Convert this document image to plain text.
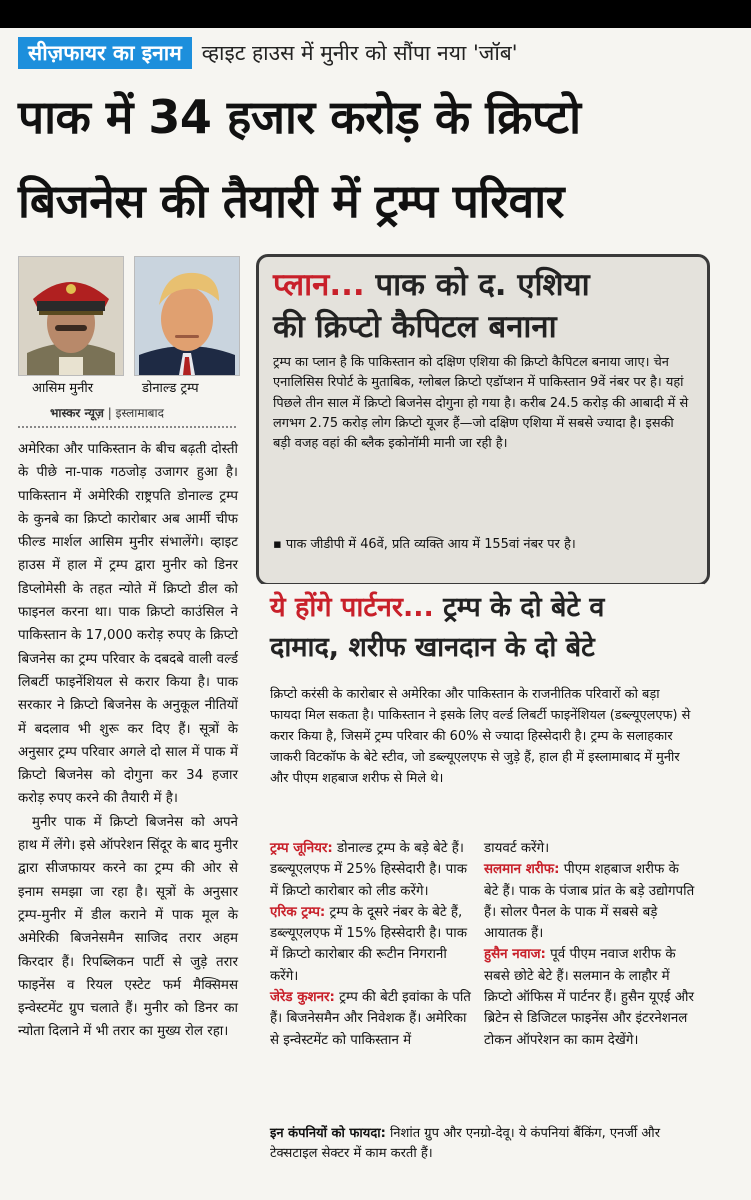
सीज़फायर का इनाम व्हाइट हाउस में मुनीर को सौंपा नया 'जॉब'
पाक में 34 हजार करोड़ के क्रिप्टो
बिजनेस की तैयारी में ट्रम्प परिवार
आसिम मुनीर	डोनाल्ड ट्रम्प
भास्कर न्यूज़ | इस्लामाबाद

अमेरिका और पाकिस्तान के बीच बढ़ती दोस्ती के पीछे ना-पाक गठजोड़ उजागर हुआ है। पाकिस्तान में अमेरिकी राष्ट्रपति डोनाल्ड ट्रम्प के कुनबे का क्रिप्टो कारोबार अब आर्मी चीफ फील्ड मार्शल आसिम मुनीर संभालेंगे। व्हाइट हाउस में हाल में ट्रम्प द्वारा मुनीर को डिनर डिप्लोमेसी के तहत न्योते में क्रिप्टो डील को फाइनल करना था। पाक क्रिप्टो काउंसिल ने पाकिस्तान के 17,000 करोड़ रुपए के क्रिप्टो बिजनेस का ट्रम्प परिवार के दबदबे वाली वर्ल्ड लिबर्टी फाइनेंशियल से करार किया है। पाक सरकार ने क्रिप्टो बिजनेस के अनुकूल नीतियों में बदलाव भी शुरू कर दिए हैं। सूत्रों के अनुसार ट्रम्प परिवार अगले दो साल में पाक में क्रिप्टो बिजनेस को दोगुना कर 34 हजार करोड़ रुपए करने की तैयारी में है।

मुनीर पाक में क्रिप्टो बिजनेस को अपने हाथ में लेंगे। इसे ऑपरेशन सिंदूर के बाद मुनीर द्वारा सीजफायर करने का ट्रम्प की ओर से इनाम समझा जा रहा है। सूत्रों के अनुसार ट्रम्प-मुनीर में डील कराने में पाक मूल के अमेरिकी बिजनेसमैन साजिद तरार अहम किरदार हैं। रिपब्लिकन पार्टी से जुड़े तरार फाइनेंस व रियल एस्टेट फर्म मैक्सिमस इन्वेस्टमेंट ग्रुप चलाते हैं। मुनीर को डिनर का न्योता दिलाने में भी तरार का मुख्य रोल रहा।

प्लान... पाक को द. एशिया
की क्रिप्टो कैपिटल बनाना
ट्रम्प का प्लान है कि पाकिस्तान को दक्षिण एशिया की क्रिप्टो कैपिटल बनाया जाए। चेन एनालिसिस रिपोर्ट के मुताबिक, ग्लोबल क्रिप्टो एडॉप्शन में पाकिस्तान 9वें नंबर पर है। यहां पिछले तीन साल में क्रिप्टो बिजनेस दोगुना हो गया है। करीब 24.5 करोड़ की आबादी में से लगभग 2.75 करोड़ लोग क्रिप्टो यूजर हैं—जो दक्षिण एशिया में सबसे ज्यादा है। इसकी बड़ी वजह वहां की ब्लैक इकोनॉमी मानी जा रही है।
▪ पाक जीडीपी में 46वें, प्रति व्यक्ति आय में 155वां नंबर पर है।
ये होंगे पार्टनर... ट्रम्प के दो बेटे व
दामाद, शरीफ खानदान के दो बेटे
क्रिप्टो करंसी के कारोबार से अमेरिका और पाकिस्तान के राजनीतिक परिवारों को बड़ा फायदा मिल सकता है। पाकिस्तान ने इसके लिए वर्ल्ड लिबर्टी फाइनेंशियल (डब्ल्यूएलएफ) से करार किया है, जिसमें ट्रम्प परिवार की 60% से ज्यादा हिस्सेदारी है। ट्रम्प के सलाहकार जाकरी विटकॉफ के बेटे स्टीव, जो डब्ल्यूएलएफ से जुड़े हैं, हाल ही में इस्लामाबाद में मुनीर और पीएम शहबाज शरीफ से मिले थे।
ट्रम्प जूनियर: डोनाल्ड ट्रम्प के बड़े बेटे हैं। डब्ल्यूएलएफ में 25% हिस्सेदारी है। पाक में क्रिप्टो कारोबार को लीड करेंगे।
एरिक ट्रम्प: ट्रम्प के दूसरे नंबर के बेटे हैं, डब्ल्यूएलएफ में 15% हिस्सेदारी है। पाक में क्रिप्टो कारोबार की रूटीन निगरानी करेंगे।
जेरेड कुशनर: ट्रम्प की बेटी इवांका के पति हैं। बिजनेसमैन और निवेशक हैं। अमेरिका से इन्वेस्टमेंट को पाकिस्तान में
डायवर्ट करेंगे।
सलमान शरीफ: पीएम शहबाज शरीफ के बेटे हैं। पाक के पंजाब प्रांत के बड़े उद्योगपति हैं। सोलर पैनल के पाक में सबसे बड़े आयातक हैं।
हुसैन नवाज: पूर्व पीएम नवाज शरीफ के सबसे छोटे बेटे हैं। सलमान के लाहौर में क्रिप्टो ऑफिस में पार्टनर हैं। हुसैन यूएई और ब्रिटेन से डिजिटल फाइनेंस और इंटरनेशनल टोकन ऑपरेशन का काम देखेंगे।
इन कंपनियों को फायदा: निशांत ग्रुप और एनग्रो-देवू। ये कंपनियां बैंकिंग, एनर्जी और टेक्सटाइल सेक्टर में काम करती हैं।
